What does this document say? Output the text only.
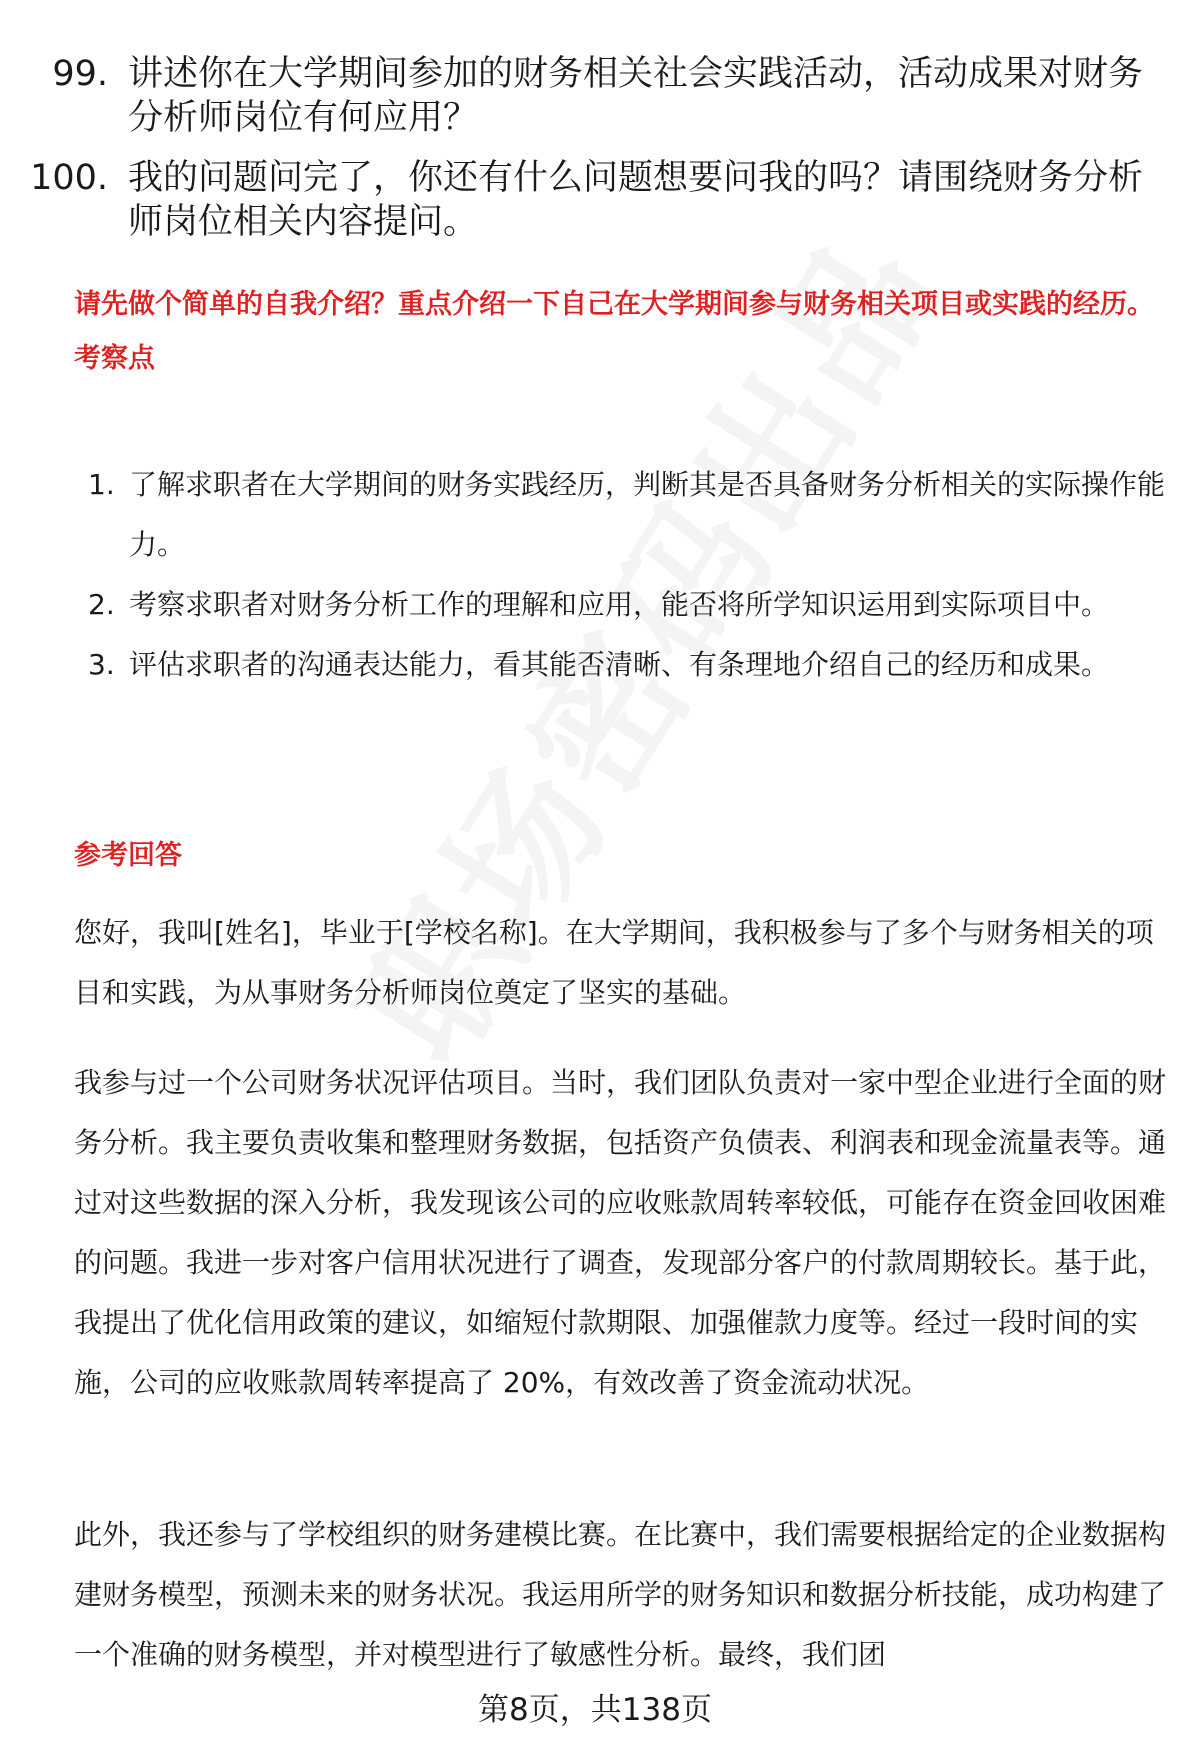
99. 讲述你在大学期间参加的财务相关社会实践活动，活动成果对财务分析师岗位有何应用？
100. 我的问题问完了，你还有什么问题想要问我的吗？请围绕财务分析师岗位相关内容提问。
请先做个简单的自我介绍？重点介绍一下自己在大学期间参与财务相关项目或实践的经历。
考察点
1. 了解求职者在大学期间的财务实践经历，判断其是否具备财务分析相关的实际操作能力。
2. 考察求职者对财务分析工作的理解和应用，能否将所学知识运用到实际项目中。
3. 评估求职者的沟通表达能力，看其能否清晰、有条理地介绍自己的经历和成果。
参考回答
您好，我叫[姓名]，毕业于[学校名称]。在大学期间，我积极参与了多个与财务相关的项目和实践，为从事财务分析师岗位奠定了坚实的基础。
我参与过一个公司财务状况评估项目。当时，我们团队负责对一家中型企业进行全面的财务分析。我主要负责收集和整理财务数据，包括资产负债表、利润表和现金流量表等。通过对这些数据的深入分析，我发现该公司的应收账款周转率较低，可能存在资金回收困难的问题。我进一步对客户信用状况进行了调查，发现部分客户的付款周期较长。基于此，我提出了优化信用政策的建议，如缩短付款期限、加强催款力度等。经过一段时间的实施，公司的应收账款周转率提高了 20%，有效改善了资金流动状况。
此外，我还参与了学校组织的财务建模比赛。在比赛中，我们需要根据给定的企业数据构建财务模型，预测未来的财务状况。我运用所学的财务知识和数据分析技能，成功构建了一个准确的财务模型，并对模型进行了敏感性分析。最终，我们团
第8页，共138页
